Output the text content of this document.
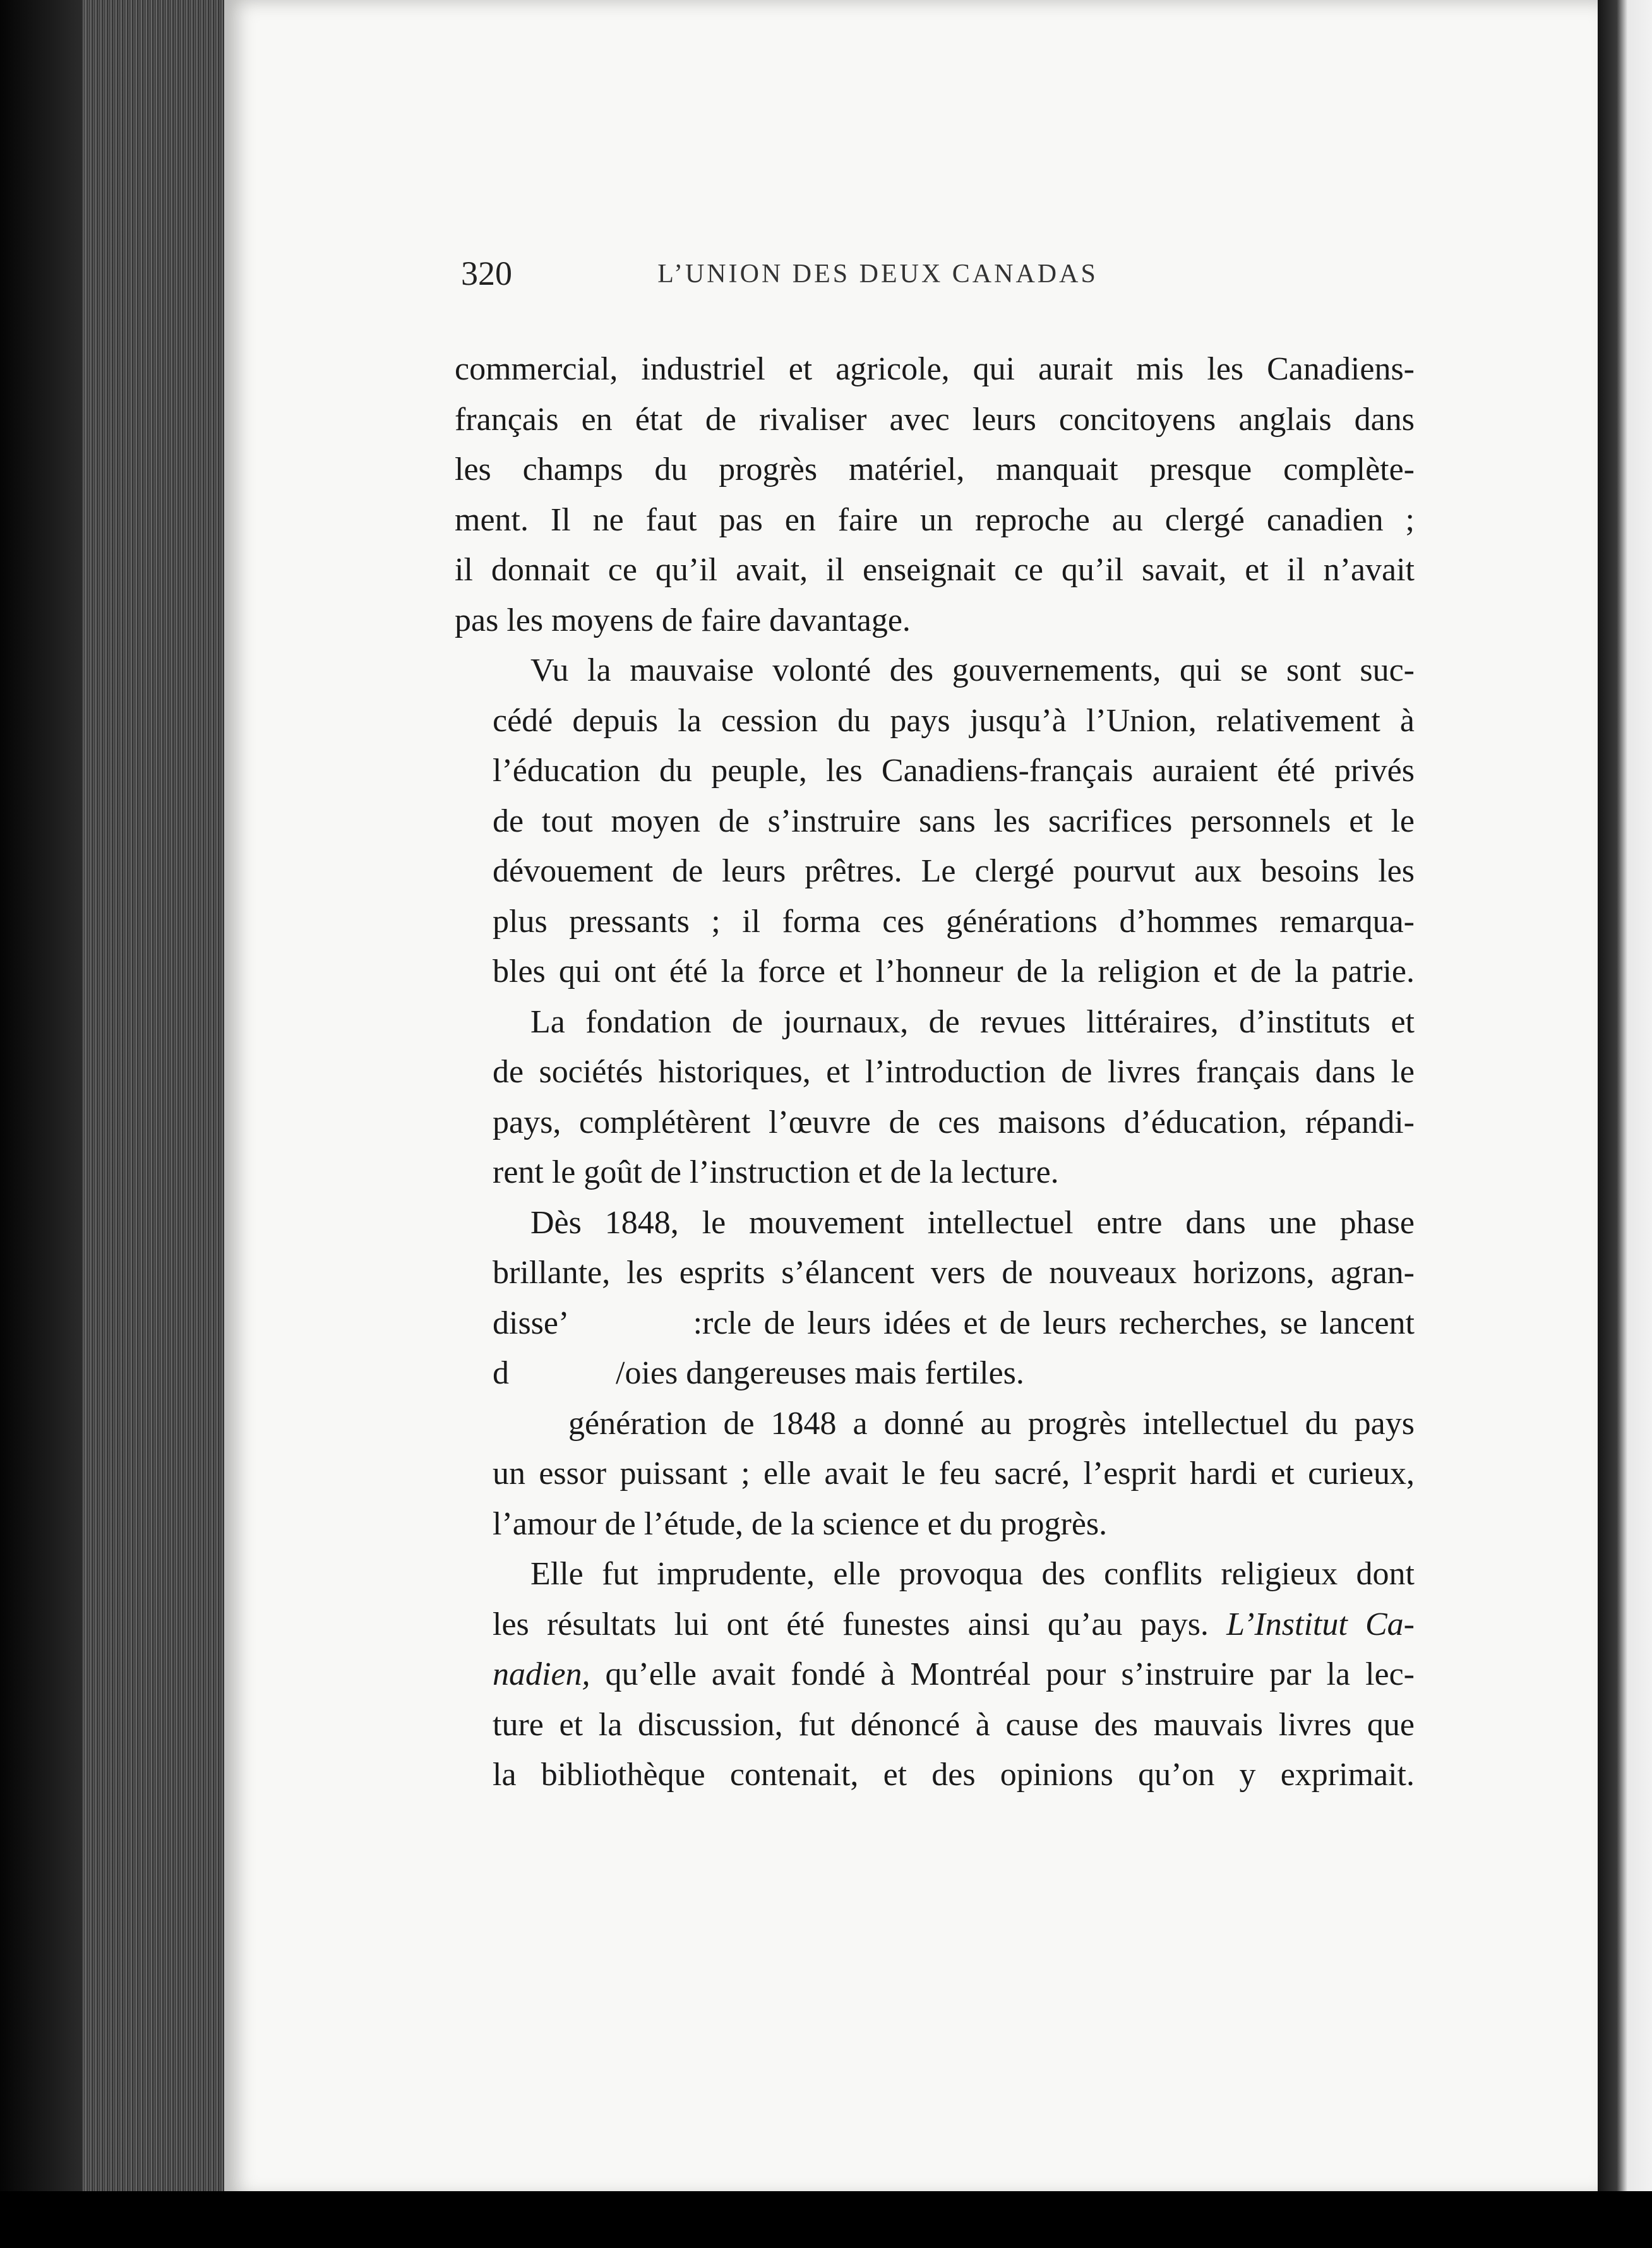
320	L’UNION DES DEUX CANADAS

commercial, industriel et agricole, qui aurait mis les Canadiens-
français en état de rivaliser avec leurs concitoyens anglais dans
les champs du progrès matériel, manquait presque complète-
ment. Il ne faut pas en faire un reproche au clergé canadien ;
il donnait ce qu’il avait, il enseignait ce qu’il savait, et il n’avait
pas les moyens de faire davantage.

Vu la mauvaise volonté des gouvernements, qui se sont suc-
cédé depuis la cession du pays jusqu’à l’Union, relativement à
l’éducation du peuple, les Canadiens-français auraient été privés
de tout moyen de s’instruire sans les sacrifices personnels et le
dévouement de leurs prêtres. Le clergé pourvut aux besoins les
plus pressants ; il forma ces générations d’hommes remarqua-
bles qui ont été la force et l’honneur de la religion et de la patrie.

La fondation de journaux, de revues littéraires, d’instituts et
de sociétés historiques, et l’introduction de livres français dans le
pays, complétèrent l’œuvre de ces maisons d’éducation, répandi-
rent le goût de l’instruction et de la lecture.

Dès 1848, le mouvement intellectuel entre dans une phase
brillante, les esprits s’élancent vers de nouveaux horizons, agran-
disseʼ          :rcle de leurs idées et de leurs recherches, se lancent
d             /oies dangereuses mais fertiles.

génération de 1848 a donné au progrès intellectuel du pays
un essor puissant ; elle avait le feu sacré, l’esprit hardi et curieux,
l’amour de l’étude, de la science et du progrès.

Elle fut imprudente, elle provoqua des conflits religieux dont
les résultats lui ont été funestes ainsi qu’au pays. L’Institut Ca-
nadien, qu’elle avait fondé à Montréal pour s’instruire par la lec-
ture et la discussion, fut dénoncé à cause des mauvais livres que
la bibliothèque contenait, et des opinions qu’on y exprimait.
